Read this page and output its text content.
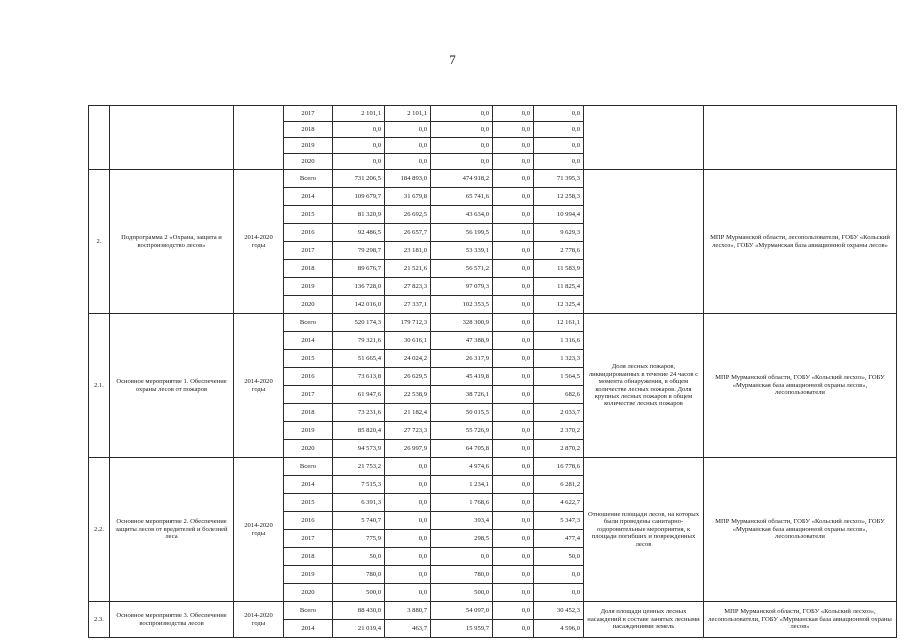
7
			2017	2 101,1	2 101,1	0,0	0,0	0,0		
			2018	0,0	0,0	0,0	0,0	0,0		
			2019	0,0	0,0	0,0	0,0	0,0		
			2020	0,0	0,0	0,0	0,0	0,0		
2.	Подпрограмма 2 «Охрана, защита и воспроизводство лесов»	2014-2020 годы	Всего	731 206,5	184 893,0	474 918,2	0,0	71 395,3		МПР Мурманской области, лесопользователи, ГОБУ «Кольский лесхоз», ГОБУ «Мурманская база авиационной охраны лесов»
			2014	109 679,7	31 679,8	65 741,6	0,0	12 258,3		
			2015	81 320,9	26 692,5	43 634,0	0,0	10 994,4		
			2016	92 486,5	26 657,7	56 199,5	0,0	9 629,3		
			2017	79 298,7	23 181,0	53 339,1	0,0	2 778,6		
			2018	89 676,7	21 521,6	56 571,2	0,0	11 583,9		
			2019	136 728,0	27 823,3	97 079,3	0,0	11 825,4		
			2020	142 016,0	27 337,1	102 353,5	0,0	12 325,4		
2.1.	Основное мероприятие 1. Обеспечение охраны лесов от пожаров	2014-2020 годы	Всего	520 174,3	179 712,3	328 300,9	0,0	12 161,1	Доля лесных пожаров, ликвидированных в течение 24 часов с момента обнаружения, в общем количестве лесных пожаров. Доля крупных лесных пожаров в общем количестве лесных пожаров	МПР Мурманской области, ГОБУ «Кольский лесхоз», ГОБУ «Мурманская база авиационной охраны лесов», лесопользователи
			2014	79 321,6	30 616,1	47 388,9	0,0	1 316,6		
			2015	51 665,4	24 024,2	26 317,9	0,0	1 323,3		
			2016	73 613,8	26 629,5	45 419,8	0,0	1 564,5		
			2017	61 947,6	22 538,9	38 726,1	0,0	682,6		
			2018	73 231,6	21 182,4	50 015,5	0,0	2 033,7		
			2019	85 820,4	27 723,3	55 726,9	0,0	2 370,2		
			2020	94 573,9	26 997,9	64 705,8	0,0	2 870,2		
2.2.	Основное мероприятие 2. Обеспечение защиты лесов от вредителей и болезней леса	2014-2020 годы	Всего	21 753,2	0,0	4 974,6	0,0	16 778,6	Отношение площади лесов, на которых были проведены санитарно-оздоровительные мероприятия, к площади погибших и поврежденных лесов	МПР Мурманской области, ГОБУ «Кольский лесхоз», ГОБУ «Мурманская база авиационной охраны лесов», лесопользователи
			2014	7 515,3	0,0	1 234,1	0,0	6 281,2		
			2015	6 391,3	0,0	1 768,6	0,0	4 622,7		
			2016	5 740,7	0,0	393,4	0,0	5 347,3		
			2017	775,9	0,0	298,5	0,0	477,4		
			2018	50,0	0,0	0,0	0,0	50,0		
			2019	780,0	0,0	780,0	0,0	0,0		
			2020	500,0	0,0	500,0	0,0	0,0		
2.3.	Основное мероприятие 3. Обеспечение воспроизводства лесов	2014-2020 годы	Всего	88 430,0	3 880,7	54 097,0	0,0	30 452,3	Доля площади ценных лесных насаждений в составе занятых лесными насаждениями земель	МПР Мурманской области, ГОБУ «Кольский лесхоз», лесопользователи, ГОБУ «Мурманская база авиационной охраны лесов»
			2014	21 019,4	463,7	15 959,7	0,0	4 596,0		
